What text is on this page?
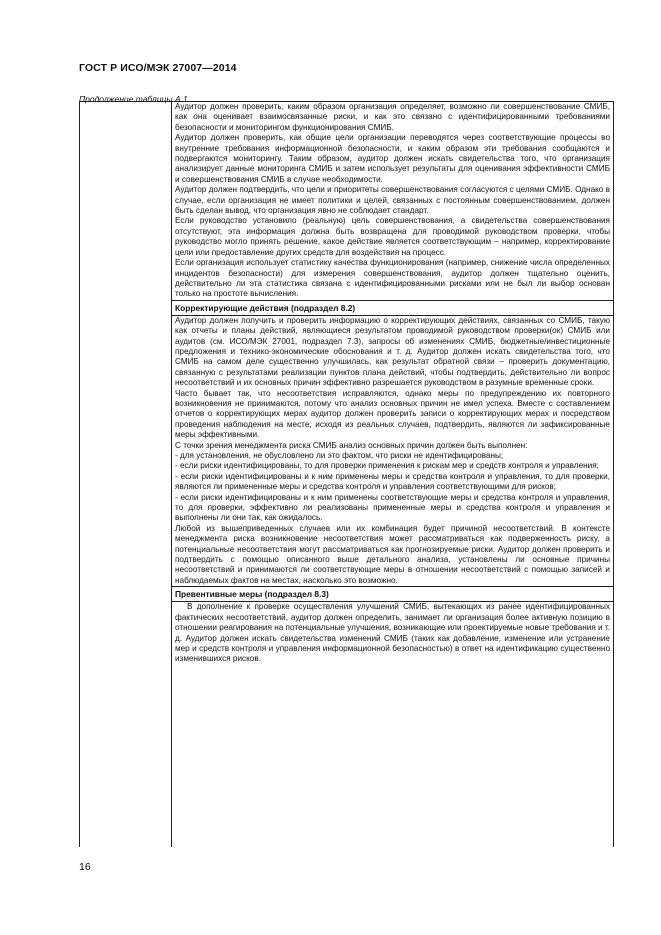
ГОСТ Р ИСО/МЭК 27007—2014
Продолжение таблицы А.1

Аудитор должен проверить, каким образом организация определяет, возможно ли совершенствование СМИБ, как она оценивает взаимосвязанные риски, и как это связано с идентифицированными требованиями безопасности и мониторингом функционирования СМИБ.

Аудитор должен проверить, как общие цели организации переводятся через соответствующие процессы во внутренние требования информационной безопасности, и каким образом эти требования сообщаются и подвергаются мониторингу. Таким образом, аудитор должен искать свидетельства того, что организация анализирует данные мониторинга СМИБ и затем использует результаты для оценивания эффективности СМИБ и совершенствования СМИБ в случае необходимости.

Аудитор должен подтвердить, что цели и приоритеты совершенствования согласуются с целями СМИБ. Однако в случае, если организация не имеет политики и целей, связанных с постоянным совершенствованием, должен быть сделан вывод, что организация явно не соблюдает стандарт.

Если руководство установило (реальную) цель совершенствования, а свидетельства совершенствования отсутствуют, эта информация должна быть возвращена для проводимой руководством проверки, чтобы руководство могло принять решение, какое действие является соответствующим – например, корректирование цели или предоставление других средств для воздействия на процесс.

Если организация использует статистику качества функционирования (например, снижение числа определенных инцидентов безопасности) для измерения совершенствования, аудитор должен тщательно оценить, действительно ли эта статистика связана с идентифицированными рисками или не был ли выбор основан только на простоте вычисления.

Корректирующие действия (подраздел 8.2)

Аудитор должен получить и проверить информацию о корректирующих действиях, связанных со СМИБ, такую как отчеты и планы действий, являющиеся результатом проводимой руководством проверки(ок) СМИБ или аудитов (см. ИСО/МЭК 27001, подраздел 7.3), запросы об изменениях СМИБ, бюджетные/инвестиционные предложения и технико-экономические обоснования и т. д. Аудитор должен искать свидетельства того, что СМИБ на самом деле существенно улучшилась, как результат обратной связи – проверить документацию, связанную с результатами реализации пунктов плана действий, чтобы подтвердить, действительно ли вопрос несоответствий и их основных причин эффективно разрешается руководством в разумные временные сроки.

Часто бывает так, что несоответствия исправляются, однако меры по предупреждению их повторного возникновения не принимаются, потому что анализ основных причин не имел успеха. Вместе с составлением отчетов о корректирующих мерах аудитор должен проверить записи о корректирующих мерах и посредством проведения наблюдения на месте, исходя из реальных случаев, подтвердить, являются ли зафиксированные меры эффективными.

С точки зрения менеджмента риска СМИБ анализ основных причин должен быть выполнен:

- для установления, не обусловлено ли это фактом, что риски не идентифицированы;

- если риски идентифицированы, то для проверки применения к рискам мер и средств контроля и управления;

- если риски идентифицированы и к ним применены меры и средства контроля и управления, то для проверки, являются ли примененные меры и средства контроля и управления соответствующими для рисков;

- если риски идентифицированы и к ним применены соответствующие меры и средства контроля и управления, то для проверки, эффективно ли реализованы примененные меры и средства контроля и управления и выполнены ли они так, как ожидалось.

Любой из вышеприведенных случаев или их комбинация будет причиной несоответствий. В контексте менеджмента риска возникновение несоответствия может рассматриваться как подверженность риску, а потенциальные несоответствия могут рассматриваться как прогнозируемые риски. Аудитор должен проверить и подтвердить с помощью описанного выше детального анализа, установлены ли основные причины несоответствий и принимаются ли соответствующие меры в отношении несоответствий с помощью записей и наблюдаемых фактов на местах, насколько это возможно.

Превентивные меры (подраздел 8.3)

В дополнение к проверке осуществления улучшений СМИБ, вытекающих из ранее идентифицированных фактических несоответствий, аудитор должен определить, занимает ли организация более активную позицию в отношении реагирования на потенциальные улучшения, возникающие или проектируемые новые требования и т. д. Аудитор должен искать свидетельства изменений СМИБ (таких как добавление, изменение или устранение мер и средств контроля и управления информационной безопасностью) в ответ на идентификацию существенно изменившихся рисков.

16
